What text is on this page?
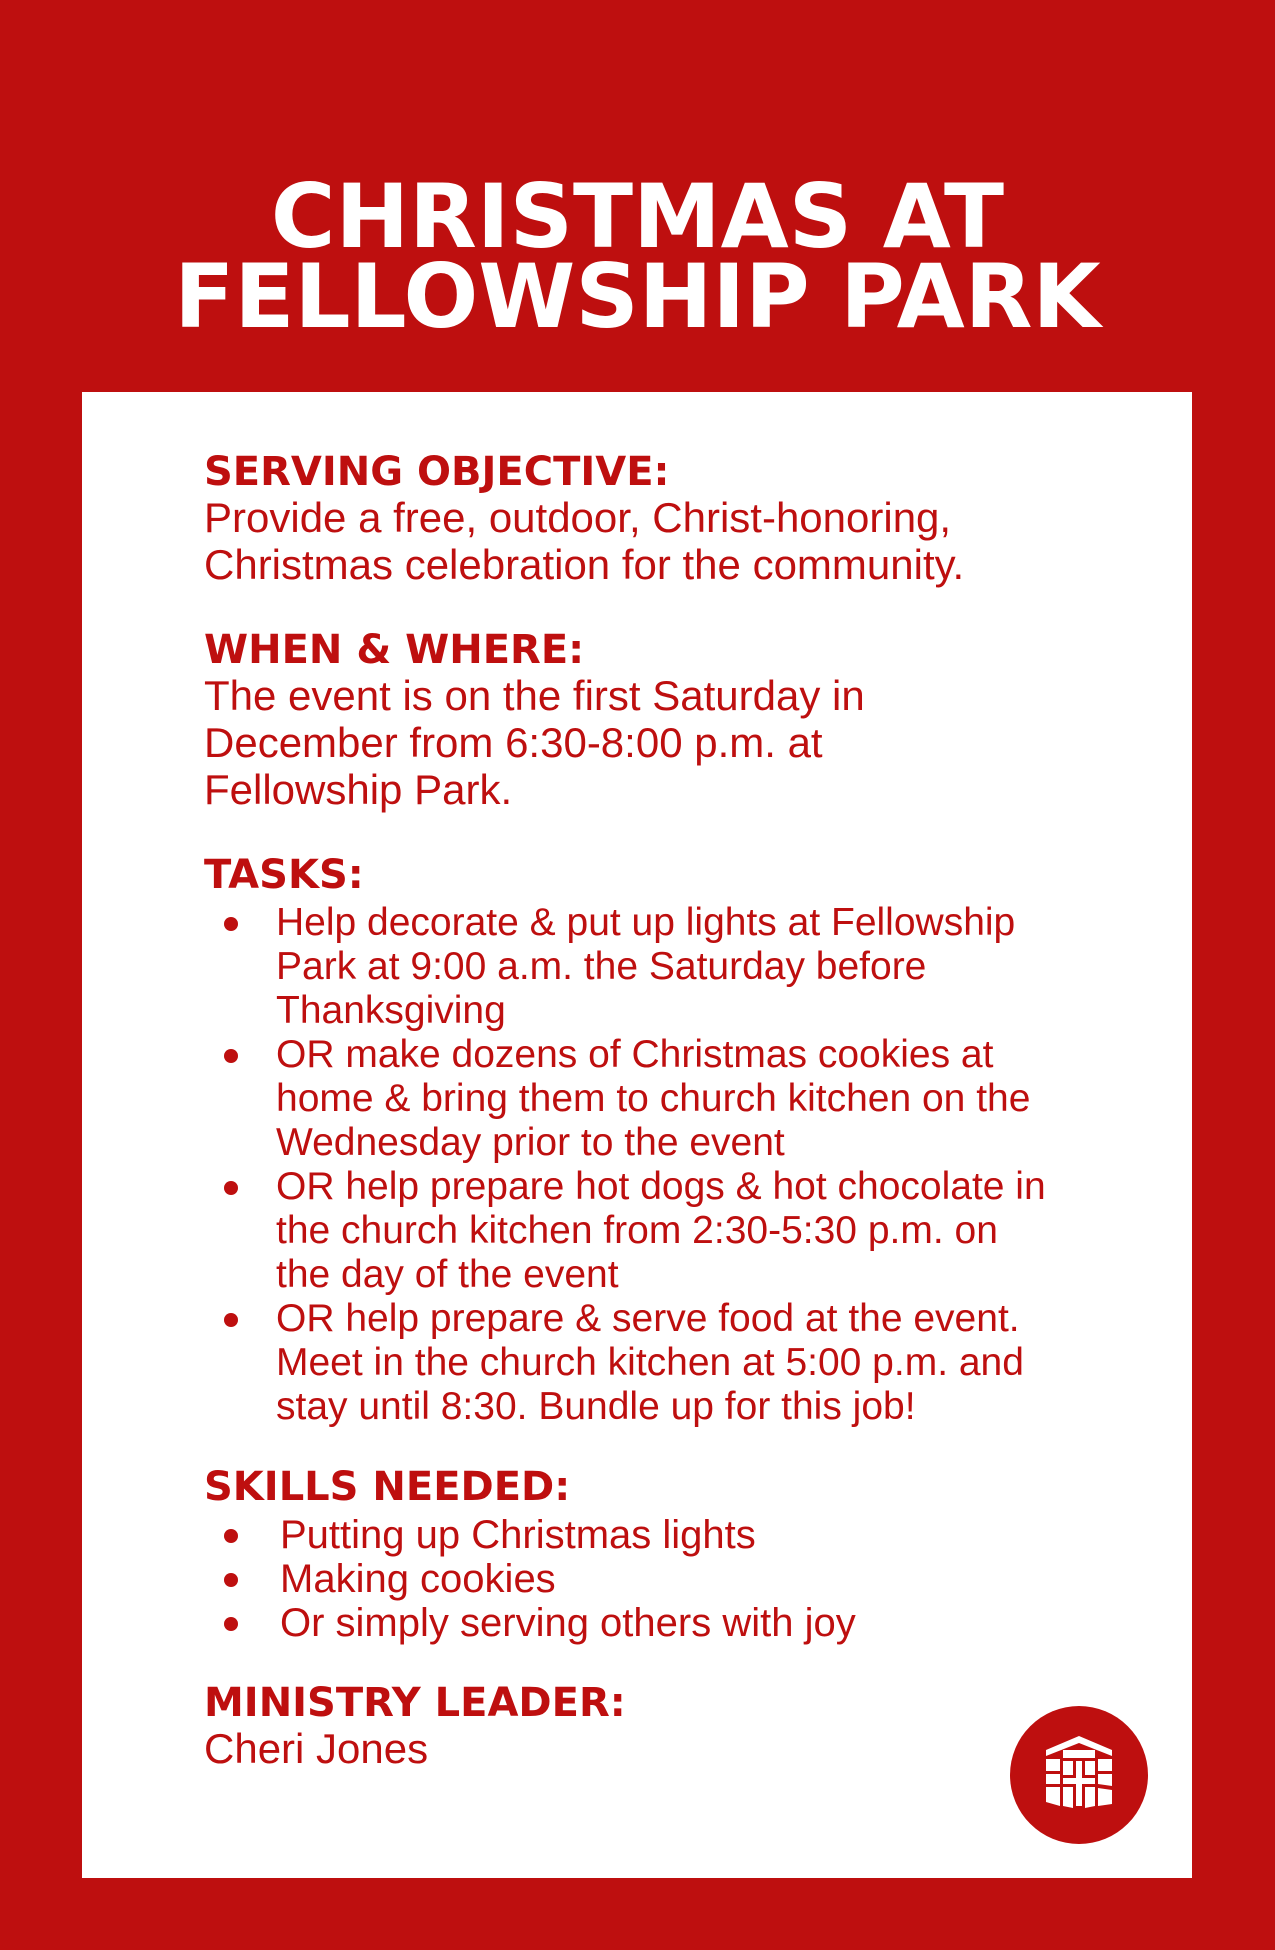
CHRISTMAS AT
FELLOWSHIP PARK
SERVING OBJECTIVE:

Provide a free, outdoor, Christ-honoring,
Christmas celebration for the community.

WHEN & WHERE:

The event is on the first Saturday in
December from 6:30-8:00 p.m. at
Fellowship Park.

TASKS:
Help decorate & put up lights at Fellowship
Park at 9:00 a.m. the Saturday before
Thanksgiving
OR make dozens of Christmas cookies at
home & bring them to church kitchen on the
Wednesday prior to the event
OR help prepare hot dogs & hot chocolate in
the church kitchen from 2:30-5:30 p.m. on
the day of the event
OR help prepare & serve food at the event.
Meet in the church kitchen at 5:00 p.m. and
stay until 8:30. Bundle up for this job!
SKILLS NEEDED:
Putting up Christmas lights
Making cookies
Or simply serving others with joy
MINISTRY LEADER:

Cheri Jones
